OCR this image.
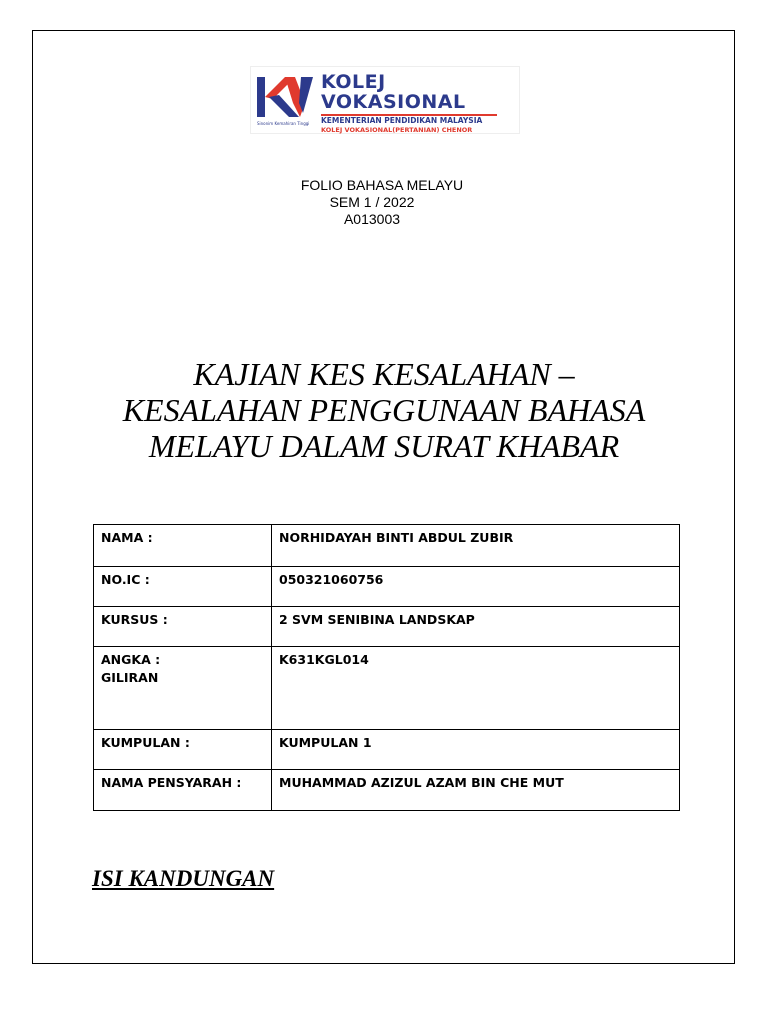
KOLEJ
VOKASIONAL
KEMENTERIAN PENDIDIKAN MALAYSIA
KOLEJ VOKASIONAL(PERTANIAN) CHENOR
Sinonim Kemahiran Tinggi
FOLIO BAHASA MELAYU
SEM 1 / 2022
A013003
KAJIAN KES KESALAHAN –
KESALAHAN PENGGUNAAN BAHASA
MELAYU DALAM SURAT KHABAR
NAMA :	NORHIDAYAH BINTI ABDUL ZUBIR
NO.IC :	050321060756
KURSUS :	2 SVM SENIBINA LANDSKAP

ANGKA :
GILIRAN	K631KGL014
KUMPULAN :	KUMPULAN 1
NAMA PENSYARAH :	MUHAMMAD AZIZUL AZAM BIN CHE MUT
ISI KANDUNGAN
